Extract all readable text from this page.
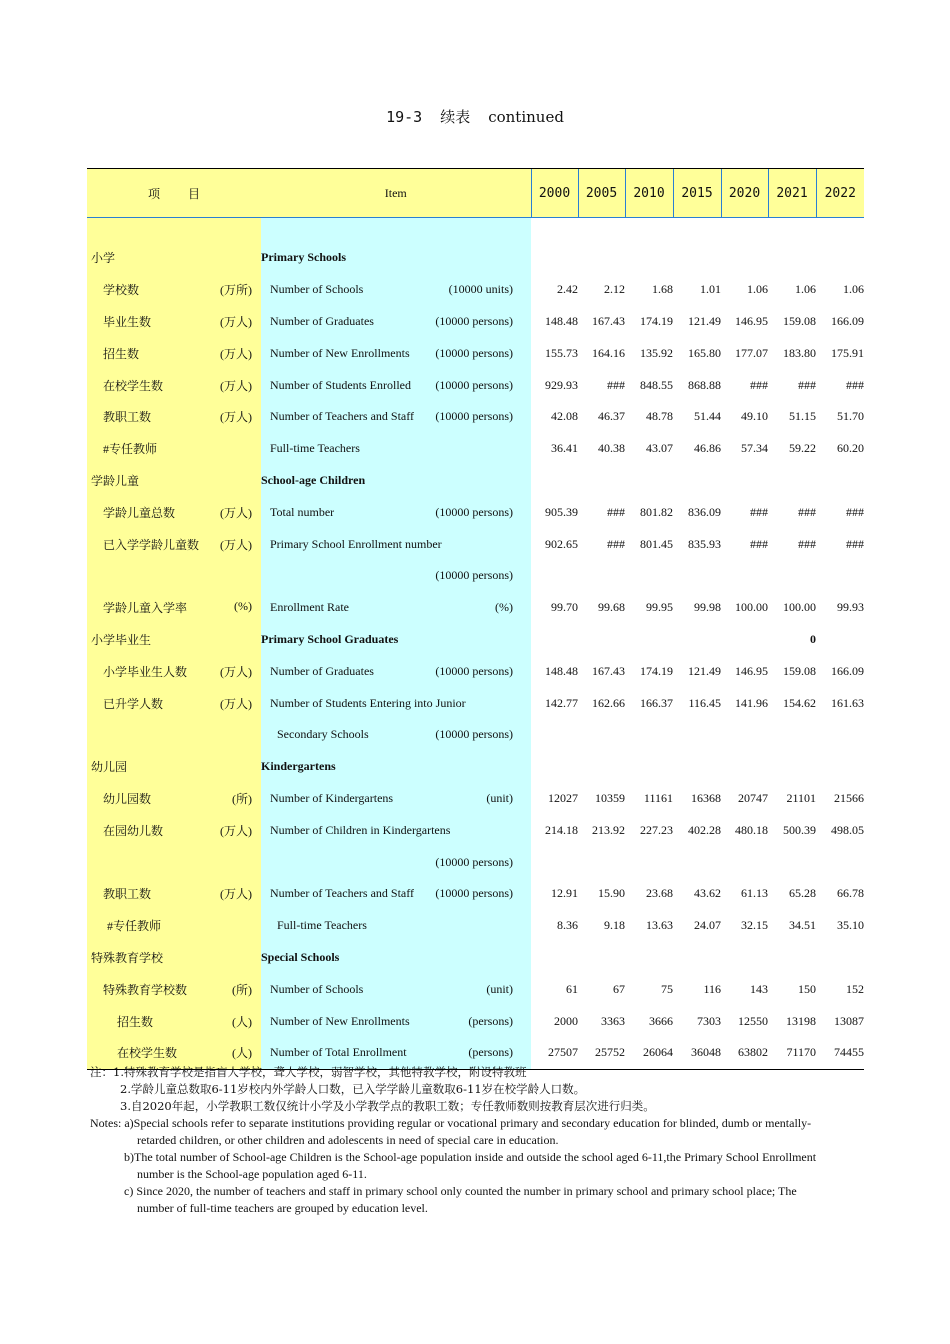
19-3 续表 continued
项 目	Item	2000	2005	2010	2015	2020	2021	2022

小学	Primary Schools							

学校数 (万所)	Number of Schools (10000 units)	2.42	2.12	1.68	1.01	1.06	1.06	1.06

毕业生数 (万人)	Number of Graduates (10000 persons)	148.48	167.43	174.19	121.49	146.95	159.08	166.09

招生数 (万人)	Number of New Enrollments (10000 persons)	155.73	164.16	135.92	165.80	177.07	183.80	175.91

在校学生数 (万人)	Number of Students Enrolled (10000 persons)	929.93	###	848.55	868.88	###	###	###

教职工数 (万人)	Number of Teachers and Staff (10000 persons)	42.08	46.37	48.78	51.44	49.10	51.15	51.70

#专任教师	Full-time Teachers	36.41	40.38	43.07	46.86	57.34	59.22	60.20

学龄儿童	School-age Children							

学龄儿童总数 (万人)	Total number (10000 persons)	905.39	###	801.82	836.09	###	###	###

已入学学龄儿童数 (万人)	Primary School Enrollment number	902.65	###	801.45	835.93	###	###	###

	(10000 persons)							

学龄儿童入学率 (%)	Enrollment Rate (%)	99.70	99.68	99.95	99.98	100.00	100.00	99.93

小学毕业生	Primary School Graduates						0	

小学毕业生人数 (万人)	Number of Graduates (10000 persons)	148.48	167.43	174.19	121.49	146.95	159.08	166.09

已升学人数 (万人)	Number of Students Entering into Junior	142.77	162.66	166.37	116.45	141.96	154.62	161.63

	Secondary Schools (10000 persons)							

幼儿园	Kindergartens							

幼儿园数 (所)	Number of Kindergartens (unit)	12027	10359	11161	16368	20747	21101	21566

在园幼儿数 (万人)	Number of Children in Kindergartens	214.18	213.92	227.23	402.28	480.18	500.39	498.05

	(10000 persons)							

教职工数 (万人)	Number of Teachers and Staff (10000 persons)	12.91	15.90	23.68	43.62	61.13	65.28	66.78

#专任教师	Full-time Teachers	8.36	9.18	13.63	24.07	32.15	34.51	35.10

特殊教育学校	Special Schools							

特殊教育学校数 (所)	Number of Schools (unit)	61	67	75	116	143	150	152

招生数 (人)	Number of New Enrollments (persons)	2000	3363	3666	7303	12550	13198	13087

在校学生数 (人)	Number of Total Enrollment (persons)	27507	25752	26064	36048	63802	71170	74455
注：1.特殊教育学校是指盲人学校，聋人学校，弱智学校，其他特教学校，附设特教班
2.学龄儿童总数取6-11岁校内外学龄人口数，已入学学龄儿童数取6-11岁在校学龄人口数。
3.自2020年起，小学教职工数仅统计小学及小学教学点的教职工数；专任教师数则按教育层次进行归类。
Notes: a)Special schools refer to separate institutions providing regular or vocational primary and secondary education for blinded, dumb or mentally-
retarded children, or other children and adolescents in need of special care in education.
b)The total number of School-age Children is the School-age population inside and outside the school aged 6-11,the Primary School Enrollment
number is the School-age population aged 6-11.
c) Since 2020, the number of teachers and staff in primary school only counted the number in primary school and primary school place; The
number of full-time teachers are grouped by education level.
